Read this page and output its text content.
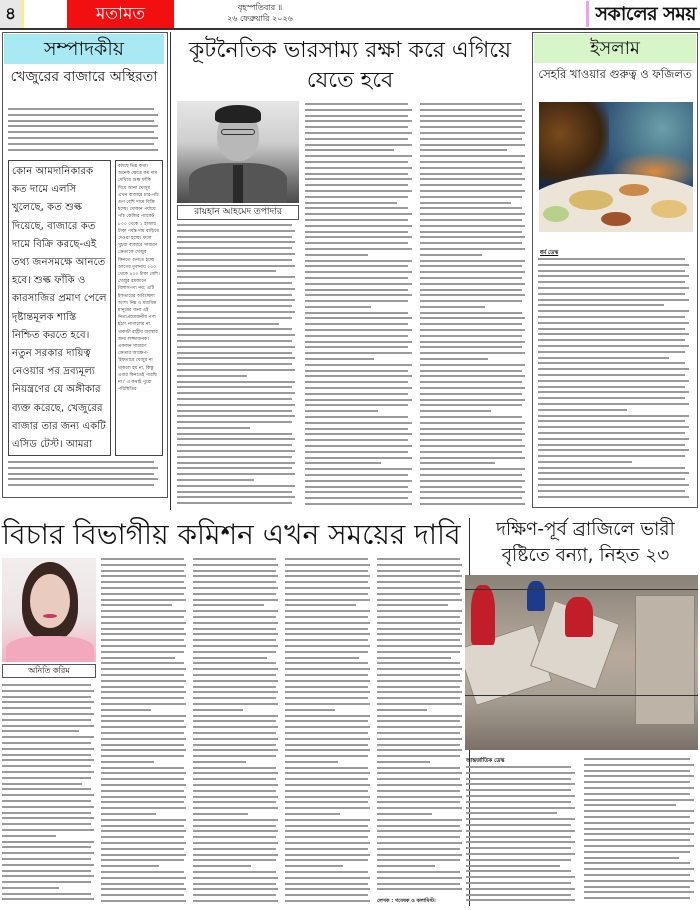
৪	মতামত	বৃহস্পতিবার ॥
২৬ ফেব্রুয়ারি ২০২৬	সকালের সময়
সম্পাদকীয়
খেজুরের বাজারে অস্থিরতা
কোন আমদানিকারক কত দামে এলসি খুলেছে, কত শুল্ক দিয়েছে, বাজারে কত দামে বিক্রি করছে-এই তথ্য জনসমক্ষে আনতে হবে। শুল্ক ফাঁকি ও কারসাজির প্রমাণ পেলে দৃষ্টান্তমূলক শাস্তি নিশ্চিত করতে হবে। নতুন সরকার দায়িত্ব নেওয়ার পর দ্রব্যমূল্য নিয়ন্ত্রণের যে অঙ্গীকার ব্যক্ত করেছে, খেজুরের বাজার তার জন্য একটি এসিড টেস্ট। আমরা
বলছে ভিন্ন কথা। অনেক ক্ষেত্রে কম দাম দেখিয়ে শুল্ক ফাঁকি দিয়ে আনা খেজুর এখন বাজারে চার-পাঁচ গুণ বেশি দামে বিক্রি হচ্ছে। দোকান পর্যায়ে পাঁচ কেজির প্যাকেট ৮০০ থেকে ১ হাজার টাকা পর্যন্ত দাম বাড়িয়ে দেওয়া হচ্ছে। ফলে খুচরা বাজারে সাধারণ ক্রেতাকে খেজুর কিনতে গুনতে হচ্ছে আগের তুলনায় ২৫০ থেকে ৪০০ টাকা বেশি। খেজুর রমজানে বিলাসপণ্য নয়; এটি ইফতারের অবিচ্ছেদ্য অংশ। নিম্ন ও মধ্যবিত্ত মানুষের জন্য এই নিত্যপ্রয়োজনীয় পণ্য হঠাৎ নাগালের না থাকাটা রাষ্ট্রীয় ব্যবস্থার জন্য লজ্জাজনক। একজন সাধারণ ক্রেতার আক্ষেপ- 'ইফতারে খেজুর না থাকলে হয় না, কিন্তু এবার কিনতেই পারছি না।' এ কথাই পুরো পরিস্থিতির
কূটনৈতিক ভারসাম্য রক্ষা করে এগিয়ে যেতে হবে
রায়হান আহমেদ তপাদার
ইসলাম
সেহরি খাওয়ার গুরুত্ব ও ফজিলত
ধর্ম ডেস্ক
বিচার বিভাগীয় কমিশন এখন সময়ের দাবি
অনিতি করিম
লেখক : গবেষক ও কলামিস্ট।
দক্ষিণ-পূর্ব ব্রাজিলে ভারী বৃষ্টিতে বন্যা, নিহত ২৩
আন্তর্জাতিক ডেস্ক
